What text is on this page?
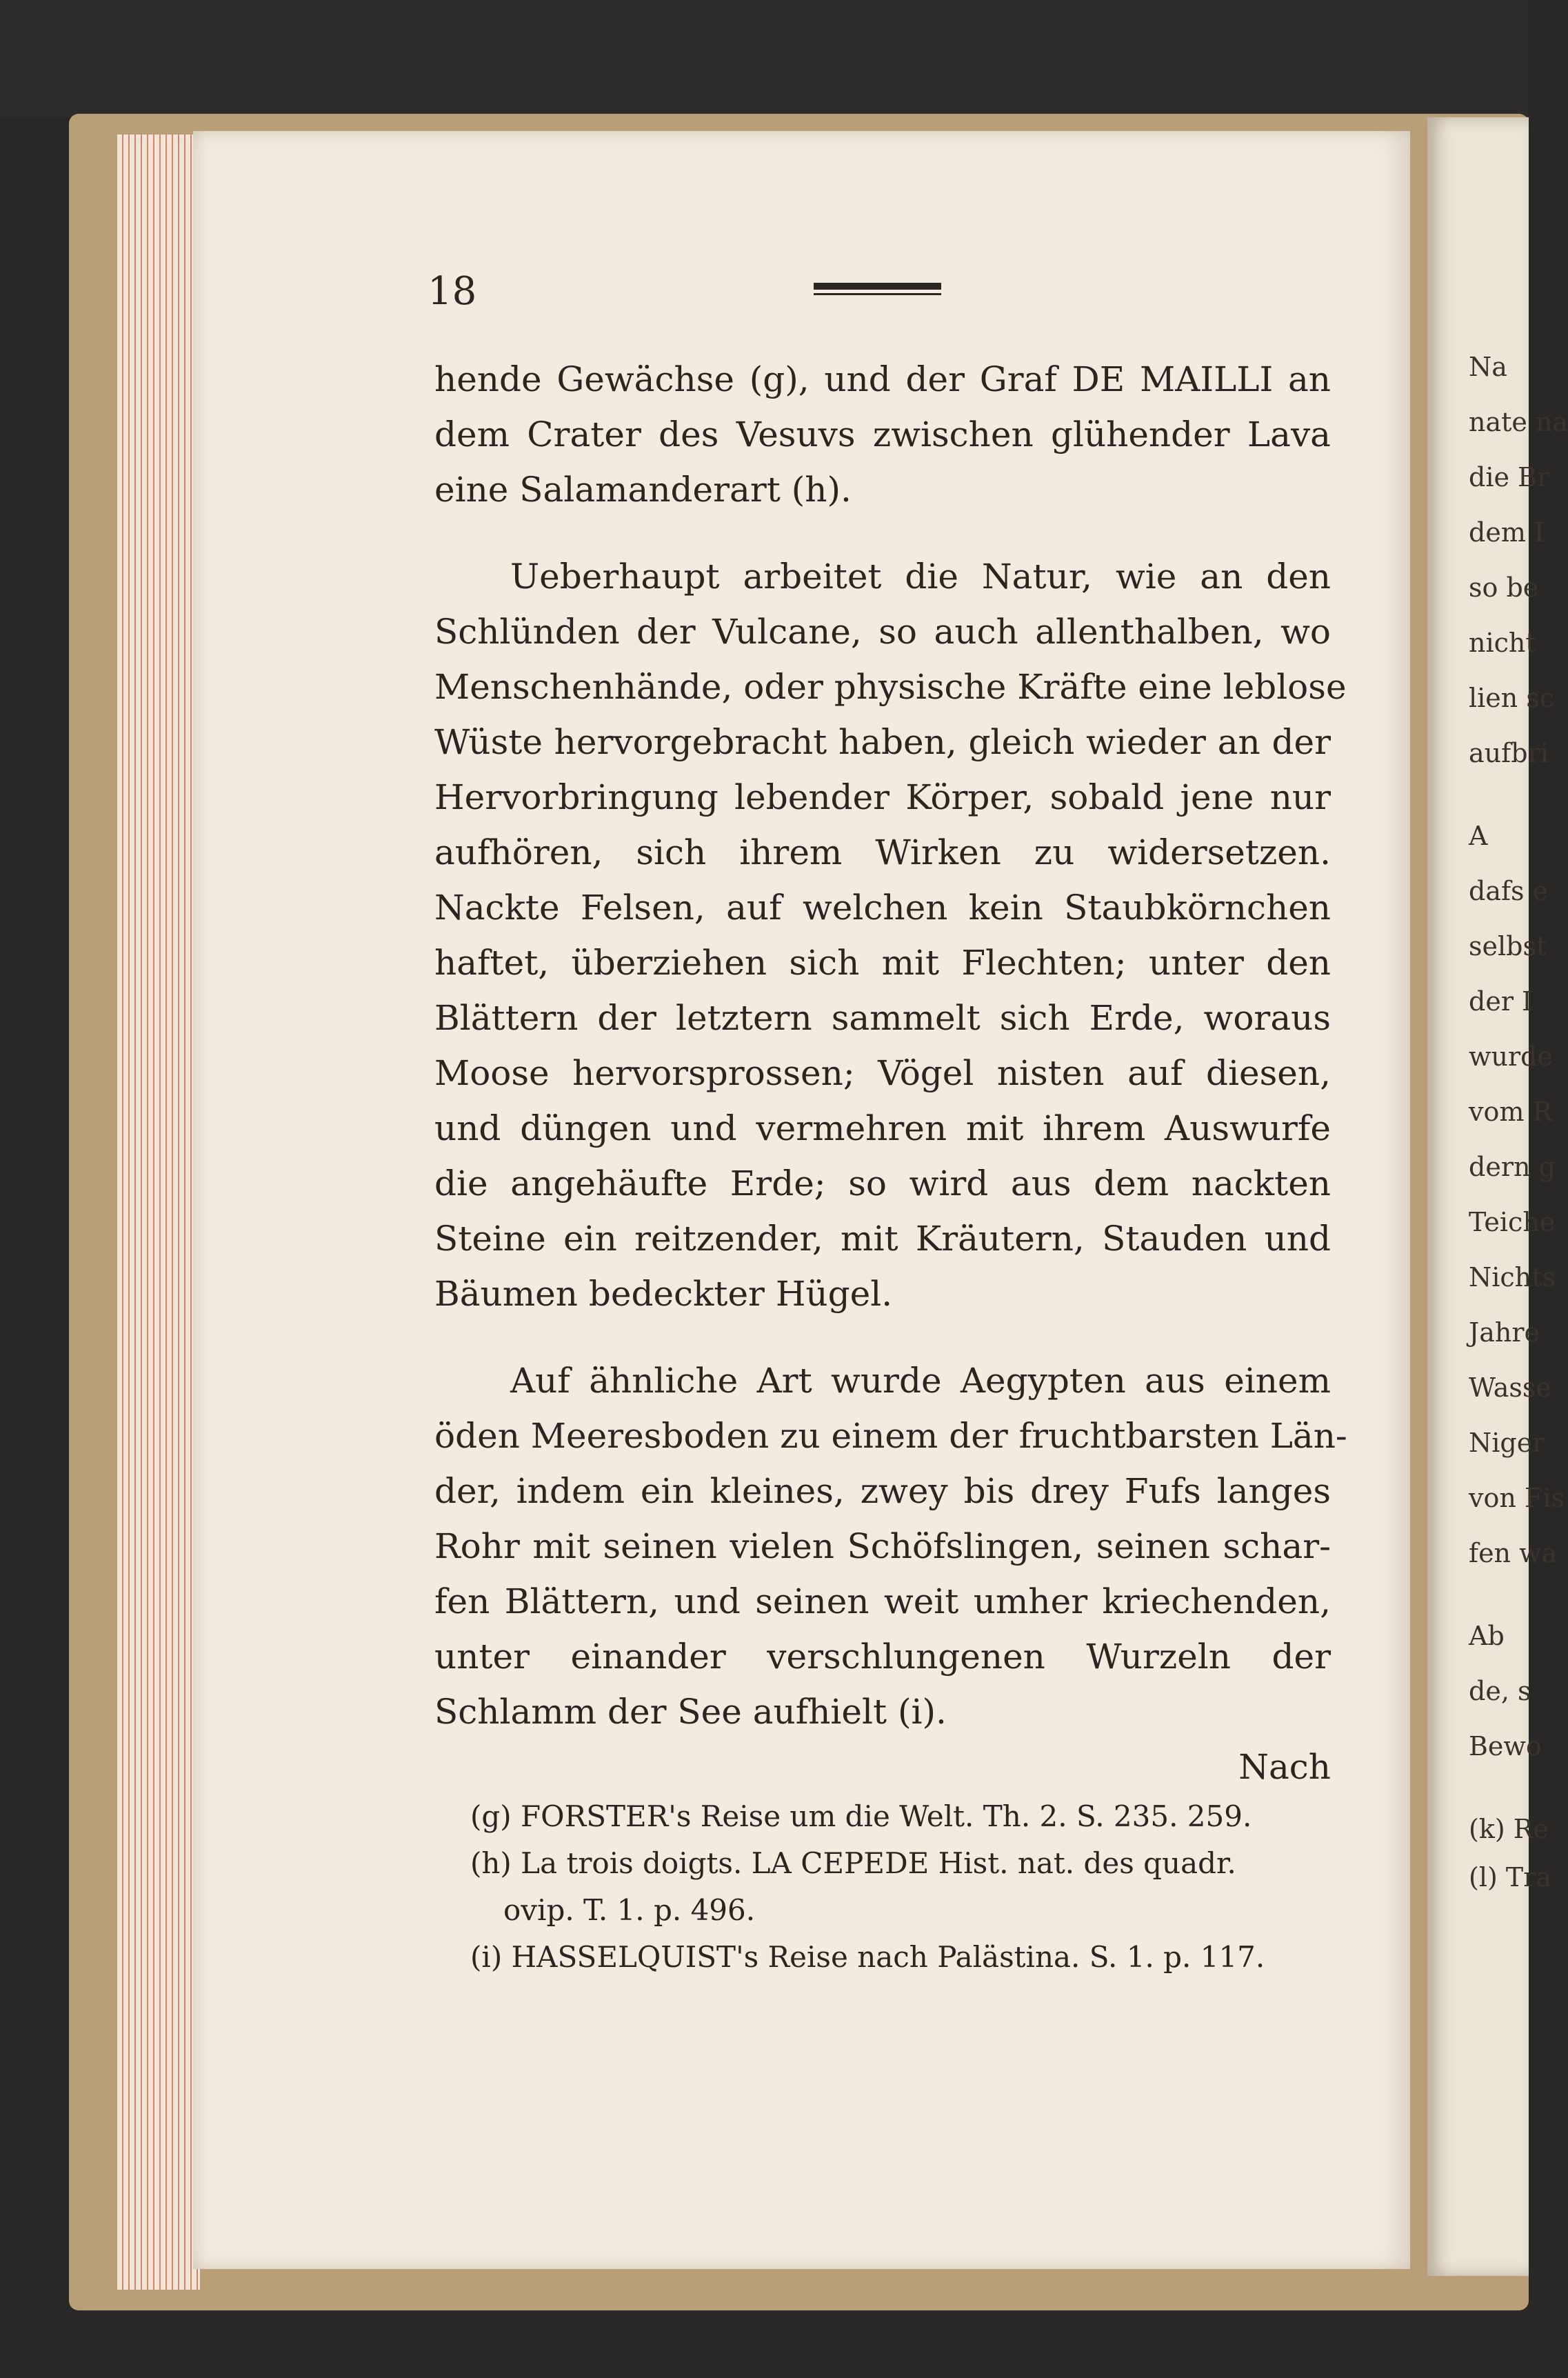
Na
nate na
die Br
dem I
so be
nicht
lien sc
aufbri
A
dafs e
selbst
der I
wurde
vom R
dern g
Teiche
Nichts
Jahre
Wasse
Niger
von Fis
fen wa
Ab
de, s
Bewo
(k) Re
(l) Tra
18
hende Gewächse (g), und der Graf DE MAILLI an
dem Crater des Vesuvs zwischen glühender Lava
eine Salamanderart (h).
Ueberhaupt arbeitet die Natur, wie an den
Schlünden der Vulcane, so auch allenthalben, wo
Menschenhände, oder physische Kräfte eine leblose
Wüste hervorgebracht haben, gleich wieder an der
Hervorbringung lebender Körper, sobald jene nur
aufhören, sich ihrem Wirken zu widersetzen.
Nackte Felsen, auf welchen kein Staubkörnchen
haftet, überziehen sich mit Flechten; unter den
Blättern der letztern sammelt sich Erde, woraus
Moose hervorsprossen; Vögel nisten auf diesen,
und düngen und vermehren mit ihrem Auswurfe
die angehäufte Erde; so wird aus dem nackten
Steine ein reitzender, mit Kräutern, Stauden und
Bäumen bedeckter Hügel.
Auf ähnliche Art wurde Aegypten aus einem
öden Meeresboden zu einem der fruchtbarsten Län-
der, indem ein kleines, zwey bis drey Fufs langes
Rohr mit seinen vielen Schöfslingen, seinen schar-
fen Blättern, und seinen weit umher kriechenden,
unter einander verschlungenen Wurzeln der
Schlamm der See aufhielt (i).
Nach
(g) FORSTER's Reise um die Welt. Th. 2. S. 235. 259.
(h) La trois doigts. LA CEPEDE Hist. nat. des quadr.
ovip. T. 1. p. 496.
(i) HASSELQUIST's Reise nach Palästina. S. 1. p. 117.
